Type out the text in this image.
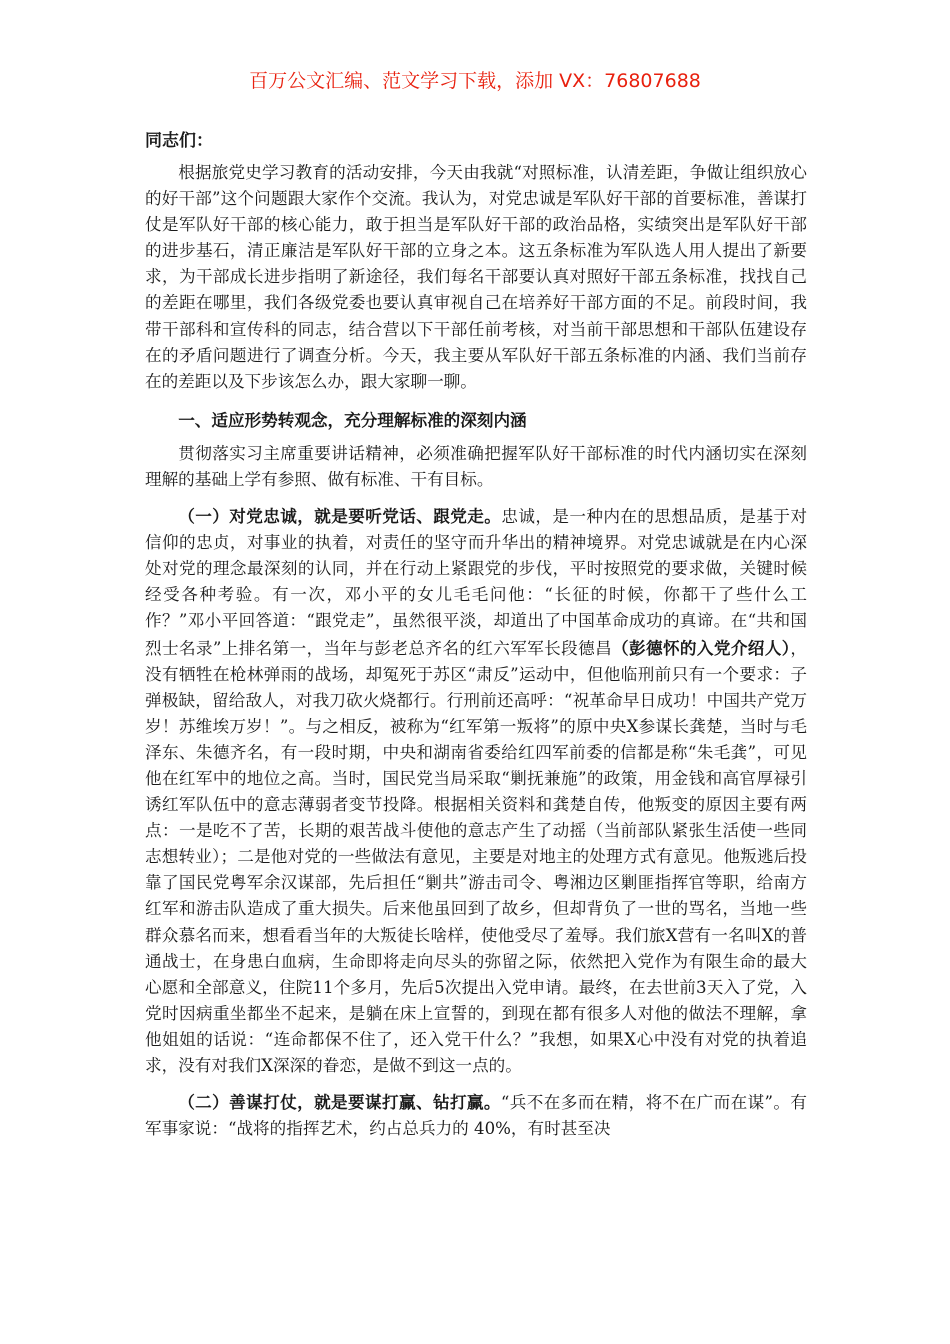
百万公文汇编、范文学习下载，添加 VX：76807688

同志们：

根据旅党史学习教育的活动安排，今天由我就“对照标准，认清差距，争做让组织放心的好干部”这个问题跟大家作个交流。我认为，对党忠诚是军队好干部的首要标准，善谋打仗是军队好干部的核心能力，敢于担当是军队好干部的政治品格，实绩突出是军队好干部的进步基石，清正廉洁是军队好干部的立身之本。这五条标准为军队选人用人提出了新要求，为干部成长进步指明了新途径，我们每名干部要认真对照好干部五条标准，找找自己的差距在哪里，我们各级党委也要认真审视自己在培养好干部方面的不足。前段时间，我带干部科和宣传科的同志，结合营以下干部任前考核，对当前干部思想和干部队伍建设存在的矛盾问题进行了调查分析。今天，我主要从军队好干部五条标准的内涵、我们当前存在的差距以及下步该怎么办，跟大家聊一聊。

一、适应形势转观念，充分理解标准的深刻内涵

贯彻落实习主席重要讲话精神，必须准确把握军队好干部标准的时代内涵切实在深刻理解的基础上学有参照、做有标准、干有目标。

（一）对党忠诚，就是要听党话、跟党走。忠诚，是一种内在的思想品质，是基于对信仰的忠贞，对事业的执着，对责任的坚守而升华出的精神境界。对党忠诚就是在内心深处对党的理念最深刻的认同，并在行动上紧跟党的步伐，平时按照党的要求做，关键时候经受各种考验。有一次，邓小平的女儿毛毛问他：“长征的时候，你都干了些什么工作？”邓小平回答道：“跟党走”，虽然很平淡，却道出了中国革命成功的真谛。在“共和国烈士名录”上排名第一，当年与彭老总齐名的红六军军长段德昌（彭德怀的入党介绍人），没有牺牲在枪林弹雨的战场，却冤死于苏区“肃反”运动中，但他临刑前只有一个要求：子弹极缺，留给敌人，对我刀砍火烧都行。行刑前还高呼：“祝革命早日成功！中国共产党万岁！苏维埃万岁！”。与之相反，被称为“红军第一叛将”的原中央X参谋长龚楚，当时与毛泽东、朱德齐名，有一段时期，中央和湖南省委给红四军前委的信都是称“朱毛龚”，可见他在红军中的地位之高。当时，国民党当局采取“剿抚兼施”的政策，用金钱和高官厚禄引诱红军队伍中的意志薄弱者变节投降。根据相关资料和龚楚自传，他叛变的原因主要有两点：一是吃不了苦，长期的艰苦战斗使他的意志产生了动摇（当前部队紧张生活使一些同志想转业）；二是他对党的一些做法有意见，主要是对地主的处理方式有意见。他叛逃后投靠了国民党粤军余汉谋部，先后担任“剿共”游击司令、粤湘边区剿匪指挥官等职，给南方红军和游击队造成了重大损失。后来他虽回到了故乡，但却背负了一世的骂名，当地一些群众慕名而来，想看看当年的大叛徒长啥样，使他受尽了羞辱。我们旅X营有一名叫X的普通战士，在身患白血病，生命即将走向尽头的弥留之际，依然把入党作为有限生命的最大心愿和全部意义，住院11个多月，先后5次提出入党申请。最终，在去世前3天入了党，入党时因病重坐都坐不起来，是躺在床上宣誓的，到现在都有很多人对他的做法不理解，拿他姐姐的话说：“连命都保不住了，还入党干什么？”我想，如果X心中没有对党的执着追求，没有对我们X深深的眷恋，是做不到这一点的。

（二）善谋打仗，就是要谋打赢、钻打赢。“兵不在多而在精，将不在广而在谋”。有军事家说：“战将的指挥艺术，约占总兵力的 40%，有时甚至决
